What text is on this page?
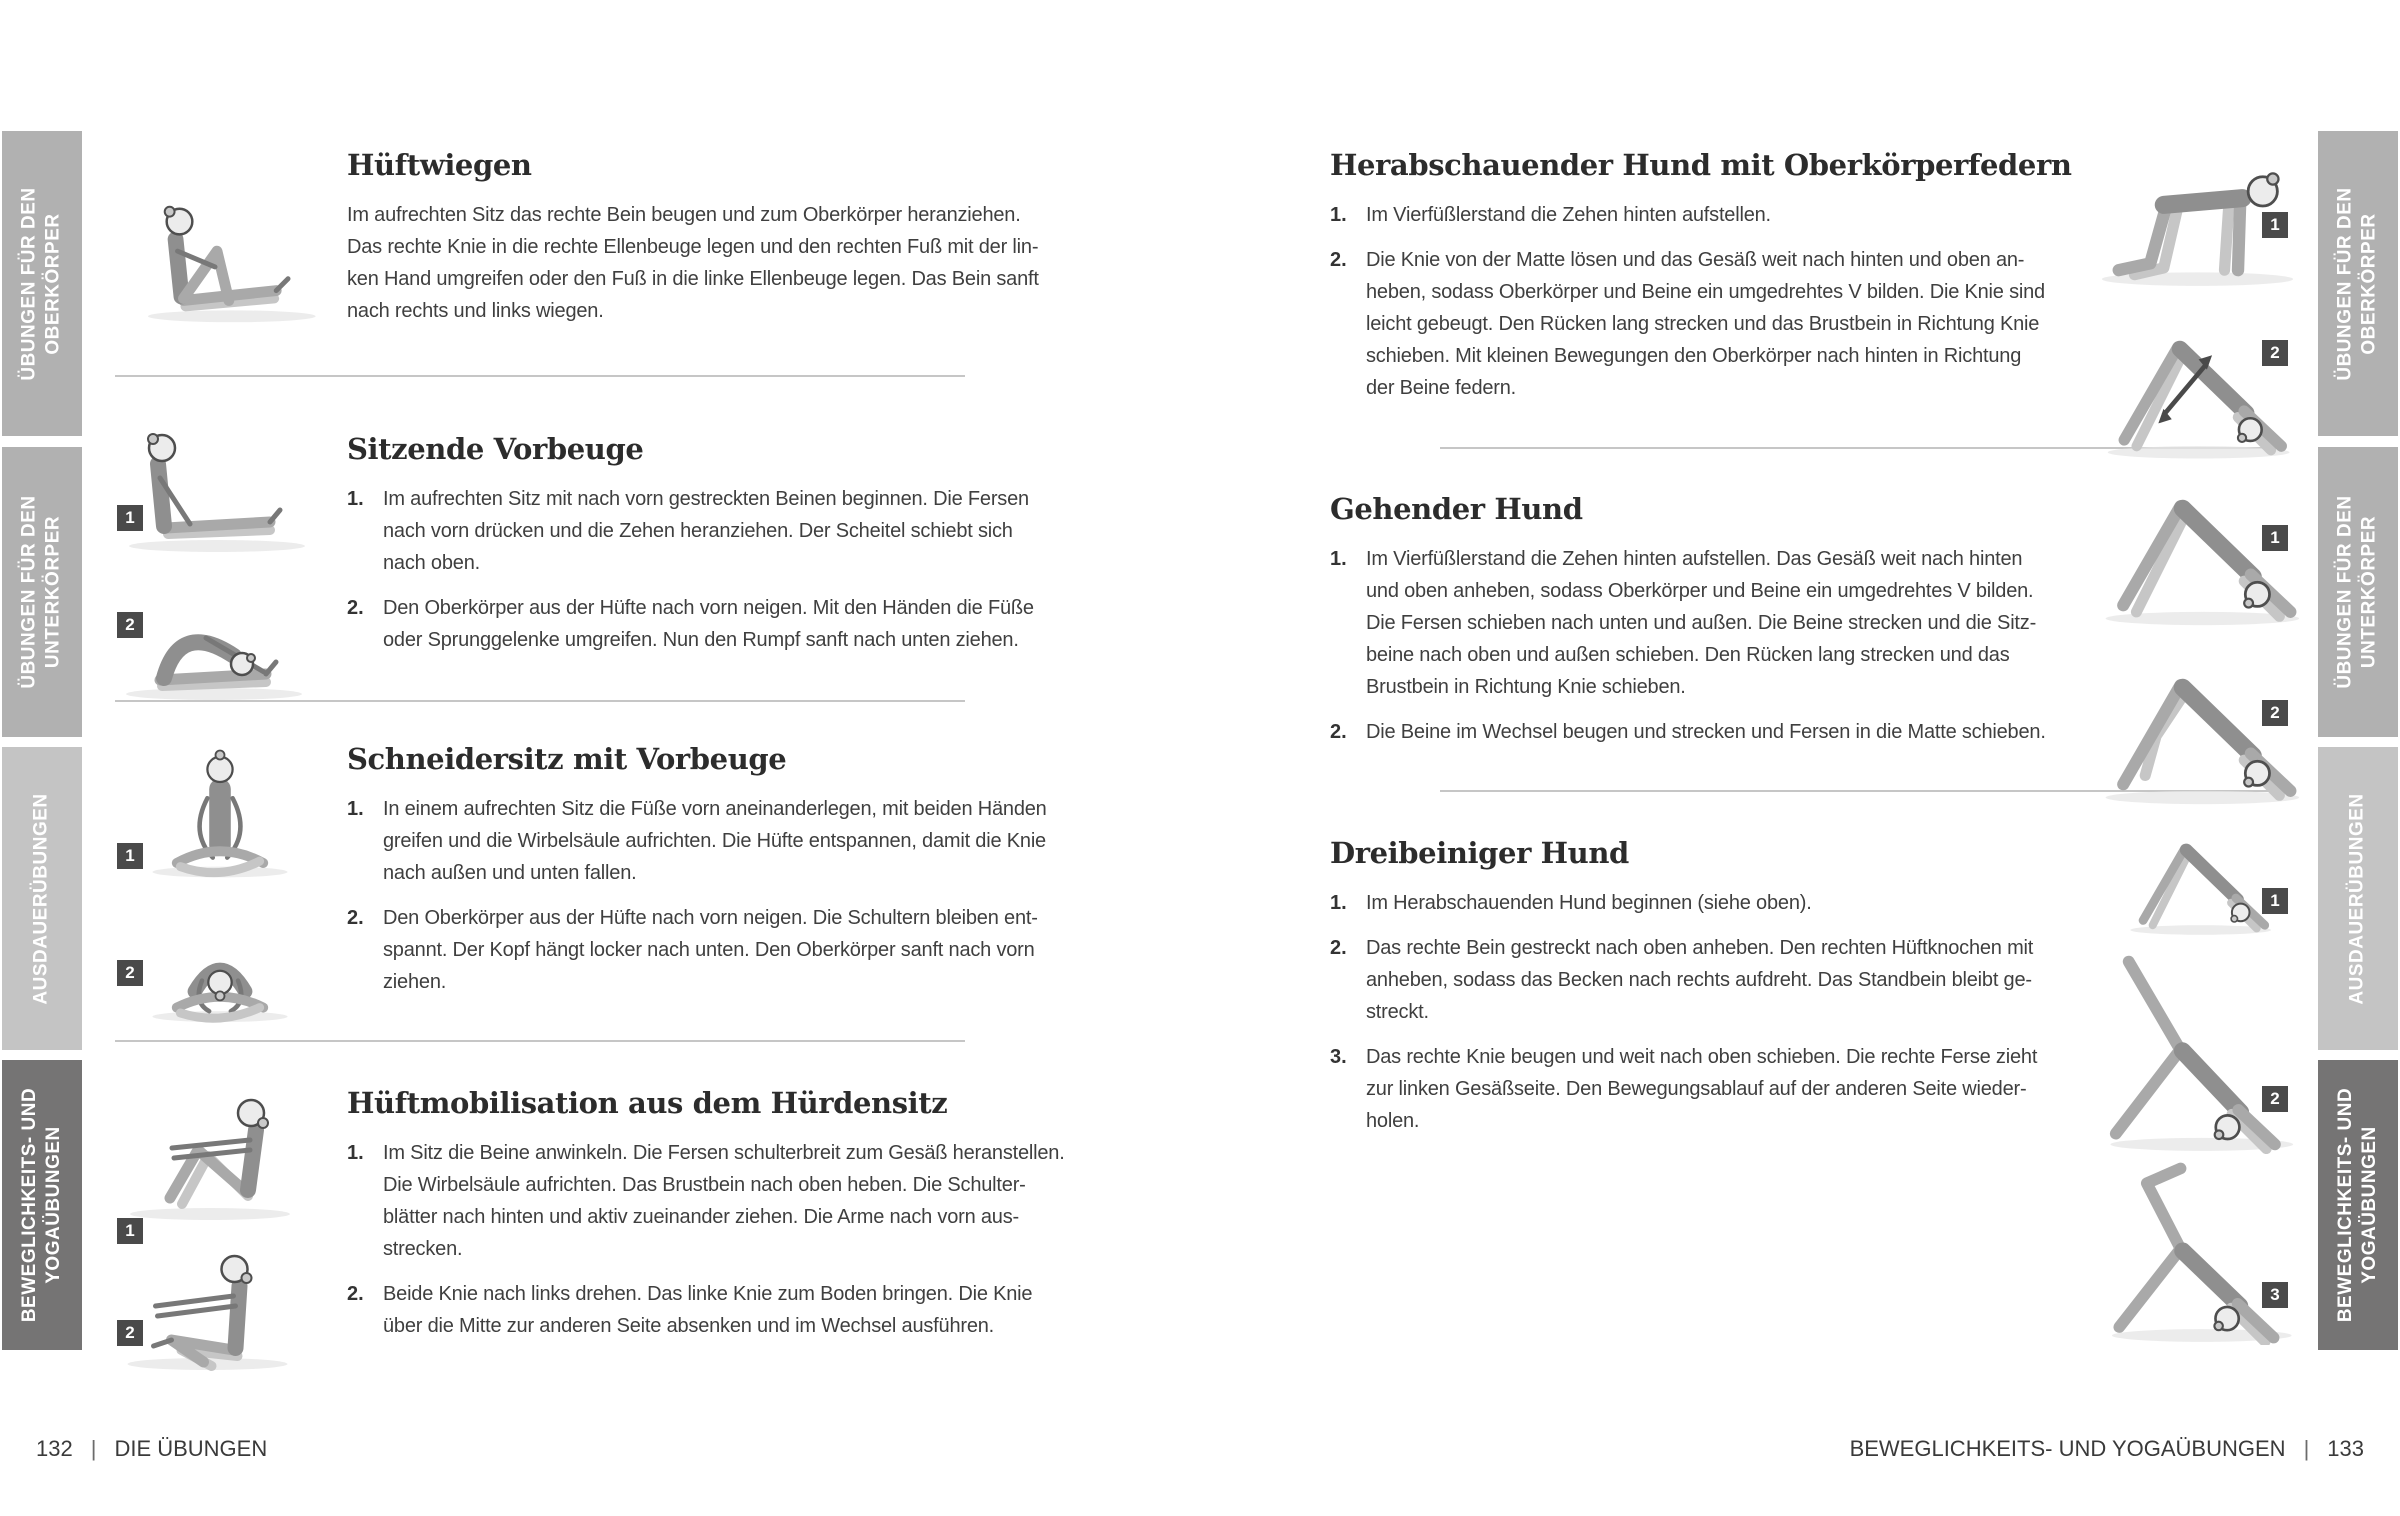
ÜBUNGEN FÜR DEN OBERKÖRPER
ÜBUNGEN FÜR DEN UNTERKÖRPER
AUSDAUERÜBUNGEN
BEWEGLICHKEITS- UND YOGAÜBUNGEN
ÜBUNGEN FÜR DEN OBERKÖRPER
ÜBUNGEN FÜR DEN UNTERKÖRPER
AUSDAUERÜBUNGEN
BEWEGLICHKEITS- UND YOGAÜBUNGEN
Hüftwiegen
Im aufrechten Sitz das rechte Bein beugen und zum Oberkörper heranziehen.
Das rechte Knie in die rechte Ellenbeuge legen und den rechten Fuß mit der lin-
ken Hand umgreifen oder den Fuß in die linke Ellenbeuge legen. Das Bein sanft
nach rechts und links wiegen.
Sitzende Vorbeuge
1. Im aufrechten Sitz mit nach vorn gestreckten Beinen beginnen. Die Fersen
nach vorn drücken und die Zehen heranziehen. Der Scheitel schiebt sich
nach oben.
2. Den Oberkörper aus der Hüfte nach vorn neigen. Mit den Händen die Füße
oder Sprunggelenke umgreifen. Nun den Rumpf sanft nach unten ziehen.
Schneidersitz mit Vorbeuge
1. In einem aufrechten Sitz die Füße vorn aneinanderlegen, mit beiden Händen
greifen und die Wirbelsäule aufrichten. Die Hüfte entspannen, damit die Knie
nach außen und unten fallen.
2. Den Oberkörper aus der Hüfte nach vorn neigen. Die Schultern bleiben ent-
spannt. Der Kopf hängt locker nach unten. Den Oberkörper sanft nach vorn
ziehen.
Hüftmobilisation aus dem Hürdensitz
1. Im Sitz die Beine anwinkeln. Die Fersen schulterbreit zum Gesäß heranstellen.
Die Wirbelsäule aufrichten. Das Brustbein nach oben heben. Die Schulter-
blätter nach hinten und aktiv zueinander ziehen. Die Arme nach vorn aus-
strecken.
2. Beide Knie nach links drehen. Das linke Knie zum Boden bringen. Die Knie
über die Mitte zur anderen Seite absenken und im Wechsel ausführen.
1
2
1
2
1
2
Herabschauender Hund mit Oberkörperfedern
1. Im Vierfüßlerstand die Zehen hinten aufstellen.
2. Die Knie von der Matte lösen und das Gesäß weit nach hinten und oben an-
heben, sodass Oberkörper und Beine ein umgedrehtes V bilden. Die Knie sind
leicht gebeugt. Den Rücken lang strecken und das Brustbein in Richtung Knie
schieben. Mit kleinen Bewegungen den Oberkörper nach hinten in Richtung
der Beine federn.
Gehender Hund
1. Im Vierfüßlerstand die Zehen hinten aufstellen. Das Gesäß weit nach hinten
und oben anheben, sodass Oberkörper und Beine ein umgedrehtes V bilden.
Die Fersen schieben nach unten und außen. Die Beine strecken und die Sitz-
beine nach oben und außen schieben. Den Rücken lang strecken und das
Brustbein in Richtung Knie schieben.
2. Die Beine im Wechsel beugen und strecken und Fersen in die Matte schieben.
Dreibeiniger Hund
1. Im Herabschauenden Hund beginnen (siehe oben).
2. Das rechte Bein gestreckt nach oben anheben. Den rechten Hüftknochen mit
anheben, sodass das Becken nach rechts aufdreht. Das Standbein bleibt ge-
streckt.
3. Das rechte Knie beugen und weit nach oben schieben. Die rechte Ferse zieht
zur linken Gesäßseite. Den Bewegungsablauf auf der anderen Seite wieder-
holen.
1
2
1
2
1
2
3
132 | DIE ÜBUNGEN	BEWEGLICHKEITS- UND YOGAÜBUNGEN | 133
